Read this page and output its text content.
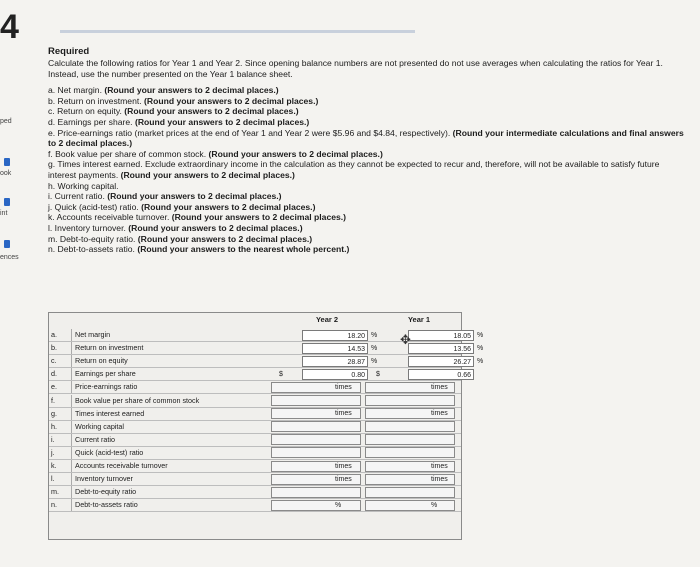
4
ped
ook
int
ences
Required

Calculate the following ratios for Year 1 and Year 2. Since opening balance numbers are not presented do not use averages when calculating the ratios for Year 1. Instead, use the number presented on the Year 1 balance sheet.

a. Net margin. (Round your answers to 2 decimal places.)
b. Return on investment. (Round your answers to 2 decimal places.)
c. Return on equity. (Round your answers to 2 decimal places.)
d. Earnings per share. (Round your answers to 2 decimal places.)
e. Price-earnings ratio (market prices at the end of Year 1 and Year 2 were $5.96 and $4.84, respectively). (Round your intermediate calculations and final answers to 2 decimal places.)
f. Book value per share of common stock. (Round your answers to 2 decimal places.)
g. Times interest earned. Exclude extraordinary income in the calculation as they cannot be expected to recur and, therefore, will not be available to satisfy future interest payments. (Round your answers to 2 decimal places.)
h. Working capital.
i. Current ratio. (Round your answers to 2 decimal places.)
j. Quick (acid-test) ratio. (Round your answers to 2 decimal places.)
k. Accounts receivable turnover. (Round your answers to 2 decimal places.)
l. Inventory turnover. (Round your answers to 2 decimal places.)
m. Debt-to-equity ratio. (Round your answers to 2 decimal places.)
n. Debt-to-assets ratio. (Round your answers to the nearest whole percent.)
Year 2	Year 1
a.	Net margin	18.20 %	18.05 %
b.	Return on investment	14.53 %	13.56 %
c.	Return on equity	28.87 %	26.27 %
d.	Earnings per share	0.80	0.66
$	$
e.	Price-earnings ratio	times	times
f.	Book value per share of common stock
g.	Times interest earned	times	times
h.	Working capital
i.	Current ratio
j.	Quick (acid-test) ratio
k.	Accounts receivable turnover	times	times
l.	Inventory turnover	times	times
m.	Debt-to-equity ratio
n.	Debt-to-assets ratio	%	%
✥
